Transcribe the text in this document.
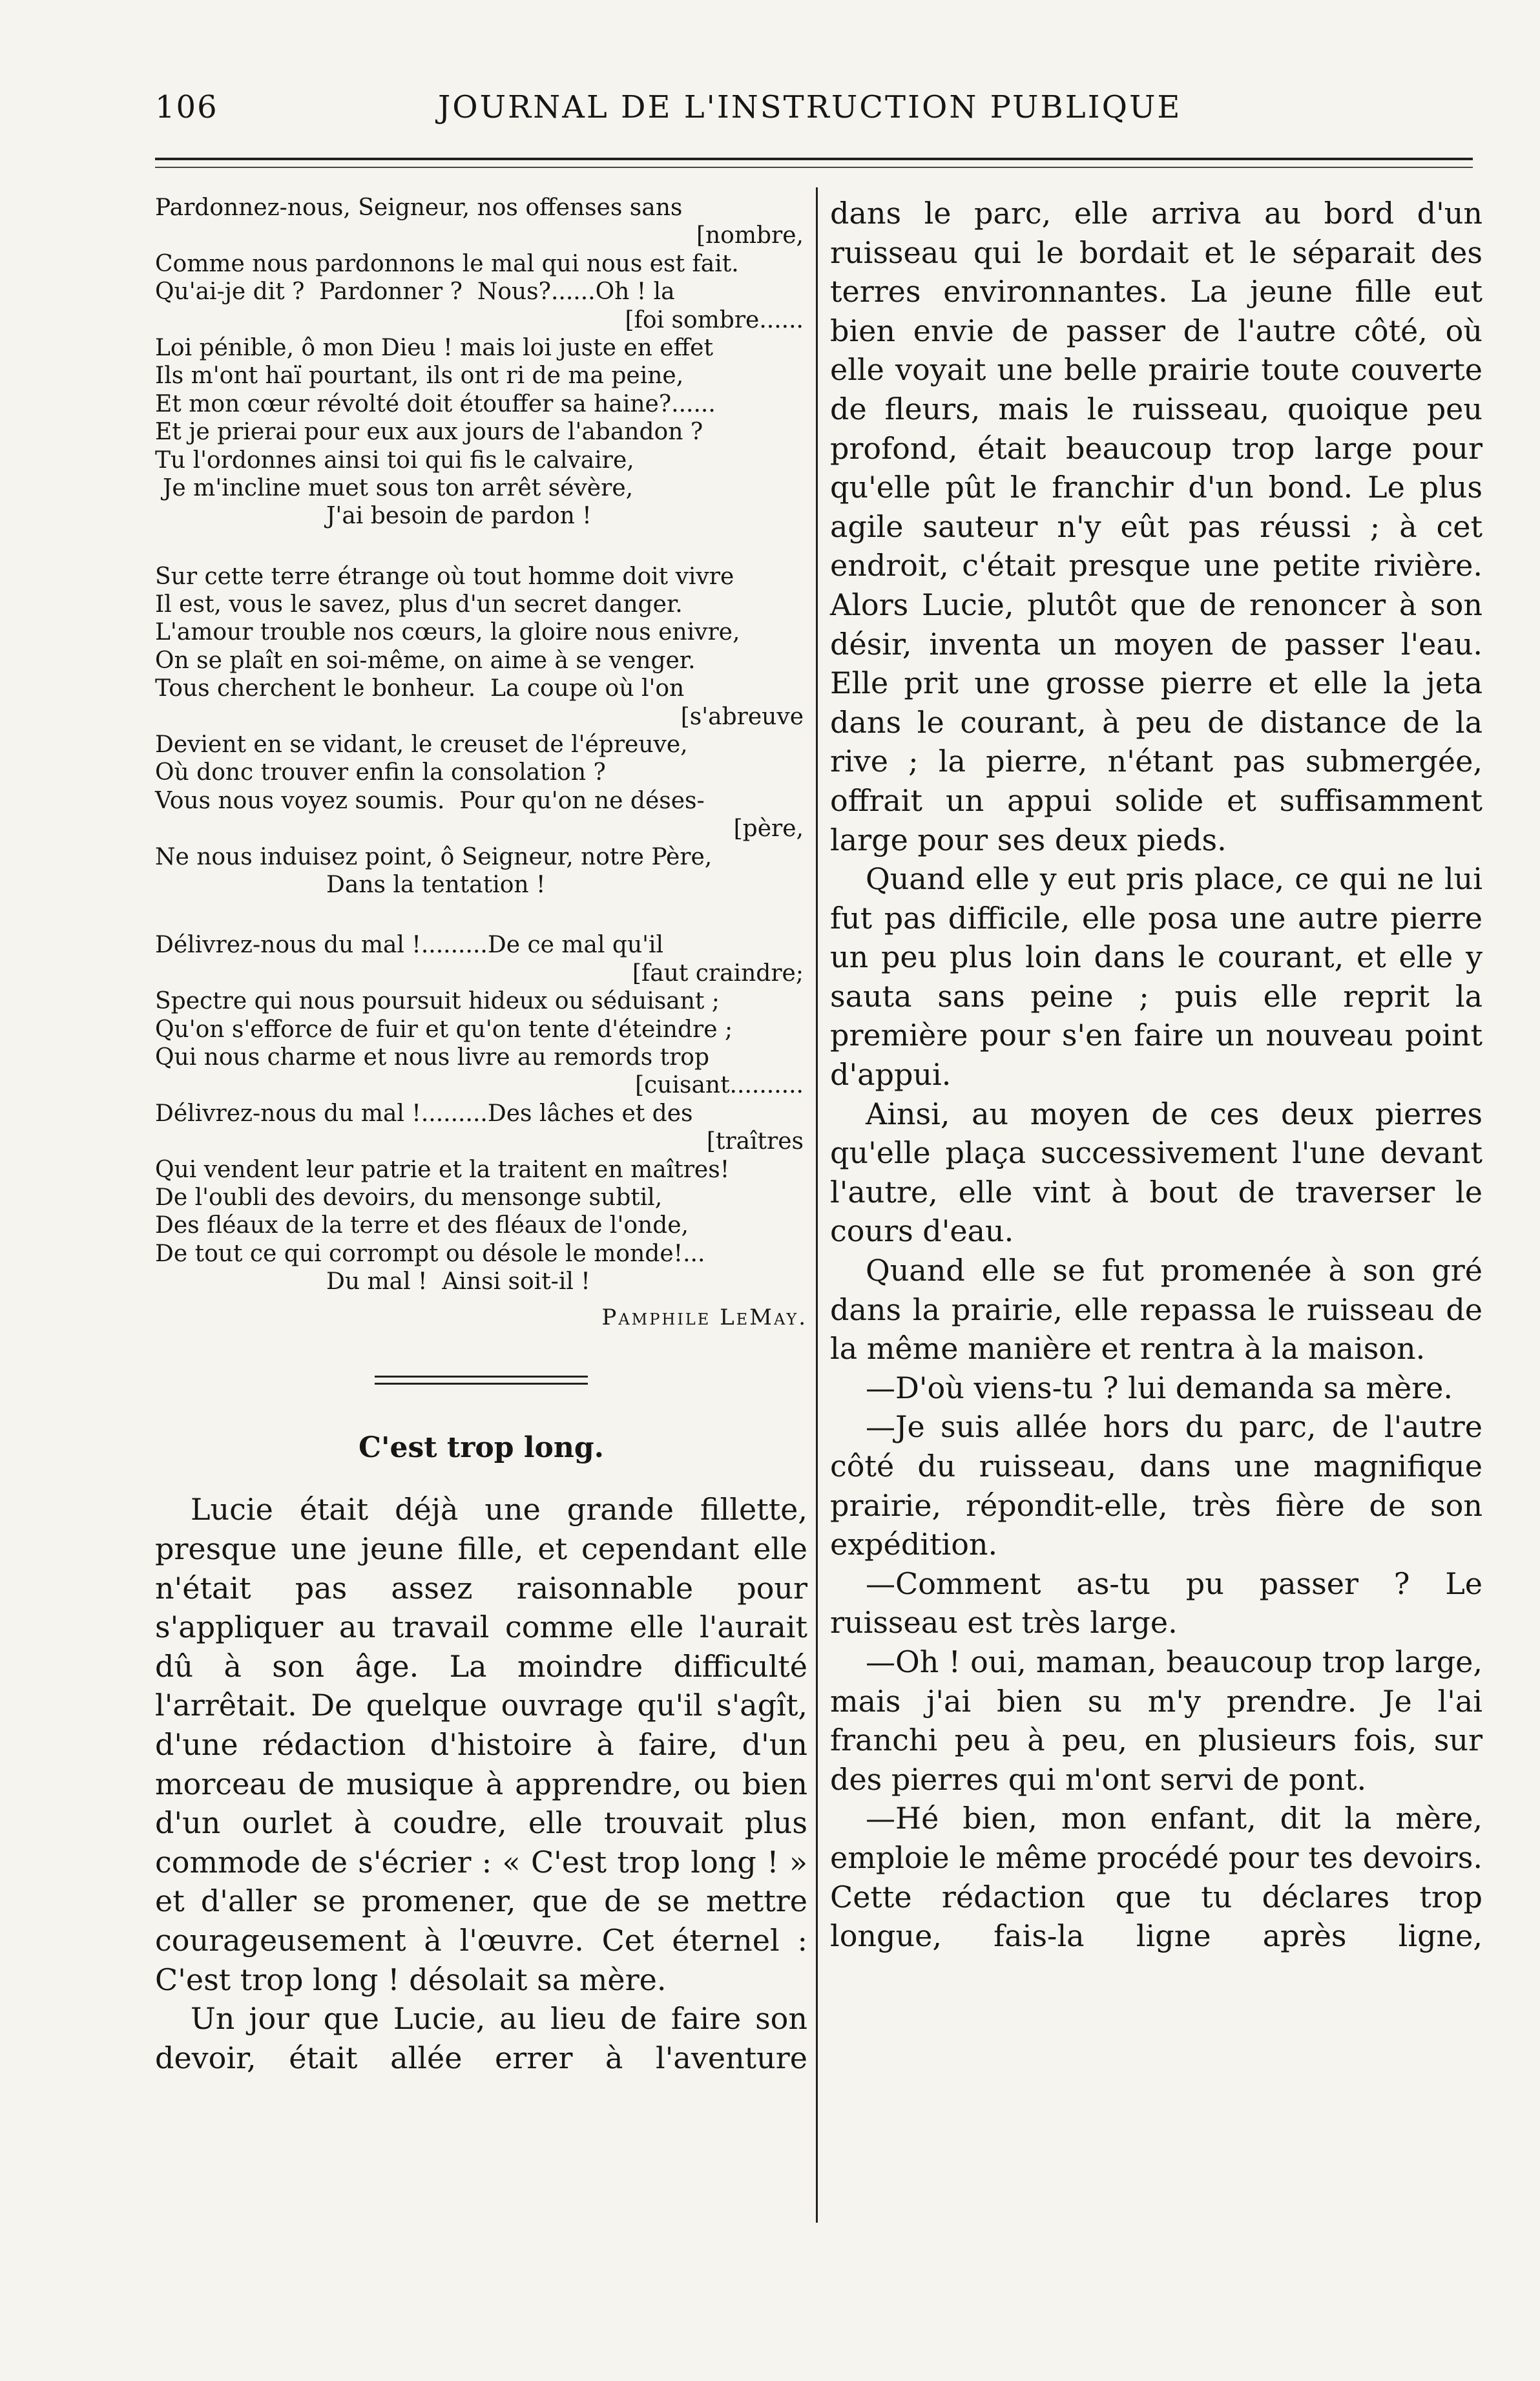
106	JOURNAL DE L'INSTRUCTION PUBLIQUE
Pardonnez-nous, Seigneur, nos offenses sans
[nombre,
Comme nous pardonnons le mal qui nous est fait.
Qu'ai-je dit ?  Pardonner ?  Nous?......Oh ! la
[foi sombre......
Loi pénible, ô mon Dieu ! mais loi juste en effet
Ils m'ont haï pourtant, ils ont ri de ma peine,
Et mon cœur révolté doit étouffer sa haine?......
Et je prierai pour eux aux jours de l'abandon ?
Tu l'ordonnes ainsi toi qui fis le calvaire,
Je m'incline muet sous ton arrêt sévère,
J'ai besoin de pardon !
Sur cette terre étrange où tout homme doit vivre
Il est, vous le savez, plus d'un secret danger.
L'amour trouble nos cœurs, la gloire nous enivre,
On se plaît en soi-même, on aime à se venger.
Tous cherchent le bonheur.  La coupe où l'on
[s'abreuve
Devient en se vidant, le creuset de l'épreuve,
Où donc trouver enfin la consolation ?
Vous nous voyez soumis.  Pour qu'on ne déses-
[père,
Ne nous induisez point, ô Seigneur, notre Père,
Dans la tentation !
Délivrez-nous du mal !.........De ce mal qu'il
[faut craindre;
Spectre qui nous poursuit hideux ou séduisant ;
Qu'on s'efforce de fuir et qu'on tente d'éteindre ;
Qui nous charme et nous livre au remords trop
[cuisant..........
Délivrez-nous du mal !.........Des lâches et des
[traîtres
Qui vendent leur patrie et la traitent en maîtres!
De l'oubli des devoirs, du mensonge subtil,
Des fléaux de la terre et des fléaux de l'onde,
De tout ce qui corrompt ou désole le monde!...
Du mal !  Ainsi soit-il !
Pamphile LeMay.
C'est trop long.

Lucie était déjà une grande fillette, presque une jeune fille, et cependant elle n'était pas assez raisonnable pour s'appliquer au travail comme elle l'aurait dû à son âge. La moindre difficulté l'arrêtait. De quelque ouvrage qu'il s'agît, d'une rédaction d'histoire à faire, d'un morceau de musique à apprendre, ou bien d'un ourlet à coudre, elle trouvait plus commode de s'écrier : « C'est trop long ! » et d'aller se promener, que de se mettre courageusement à l'œuvre. Cet éternel : C'est trop long ! désolait sa mère.

Un jour que Lucie, au lieu de faire son devoir, était allée errer à l'aventure

dans le parc, elle arriva au bord d'un ruisseau qui le bordait et le séparait des terres environnantes. La jeune fille eut bien envie de passer de l'autre côté, où elle voyait une belle prairie toute couverte de fleurs, mais le ruisseau, quoique peu profond, était beaucoup trop large pour qu'elle pût le franchir d'un bond. Le plus agile sauteur n'y eût pas réussi ; à cet endroit, c'était presque une petite rivière. Alors Lucie, plutôt que de renoncer à son désir, inventa un moyen de passer l'eau. Elle prit une grosse pierre et elle la jeta dans le courant, à peu de distance de la rive ; la pierre, n'étant pas submergée, offrait un appui solide et suffisamment large pour ses deux pieds.

Quand elle y eut pris place, ce qui ne lui fut pas difficile, elle posa une autre pierre un peu plus loin dans le courant, et elle y sauta sans peine ; puis elle reprit la première pour s'en faire un nouveau point d'appui.

Ainsi, au moyen de ces deux pierres qu'elle plaça successivement l'une devant l'autre, elle vint à bout de traverser le cours d'eau.

Quand elle se fut promenée à son gré dans la prairie, elle repassa le ruisseau de la même manière et rentra à la maison.

—D'où viens-tu ? lui demanda sa mère.

—Je suis allée hors du parc, de l'autre côté du ruisseau, dans une magnifique prairie, répondit-elle, très fière de son expédition.

—Comment as-tu pu passer ? Le ruisseau est très large.

—Oh ! oui, maman, beaucoup trop large, mais j'ai bien su m'y prendre. Je l'ai franchi peu à peu, en plusieurs fois, sur des pierres qui m'ont servi de pont.

—Hé bien, mon enfant, dit la mère, emploie le même procédé pour tes devoirs. Cette rédaction que tu déclares trop longue, fais-la ligne après ligne,
